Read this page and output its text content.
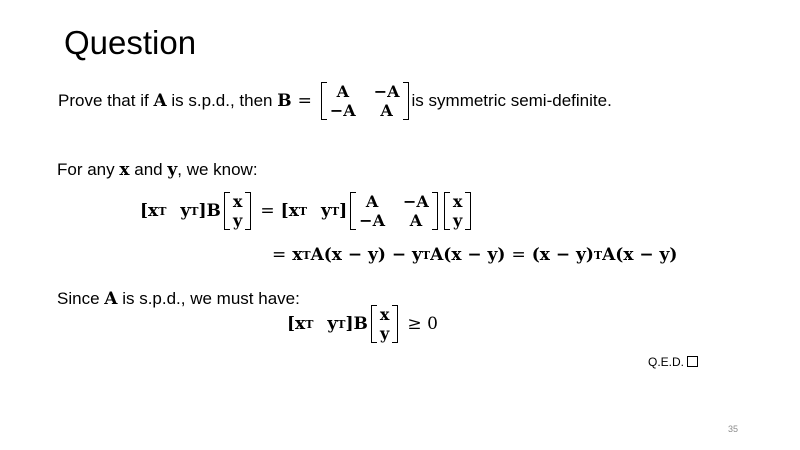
Question
Prove that if
A
is s.p.d., then
B =	A	−A
−A	A
is symmetric semi-definite.
For any
x
and
y , we know:
[x T y T ]B x
y = [x T y T ]	A	−A
−A	A
x
y
= x T A(x − y) − y T A(x − y) = (x − y) T A(x − y)
Since
A
is s.p.d., we must have:
[x T y T ]B x
y ≥ 0
Q.E.D.
35
